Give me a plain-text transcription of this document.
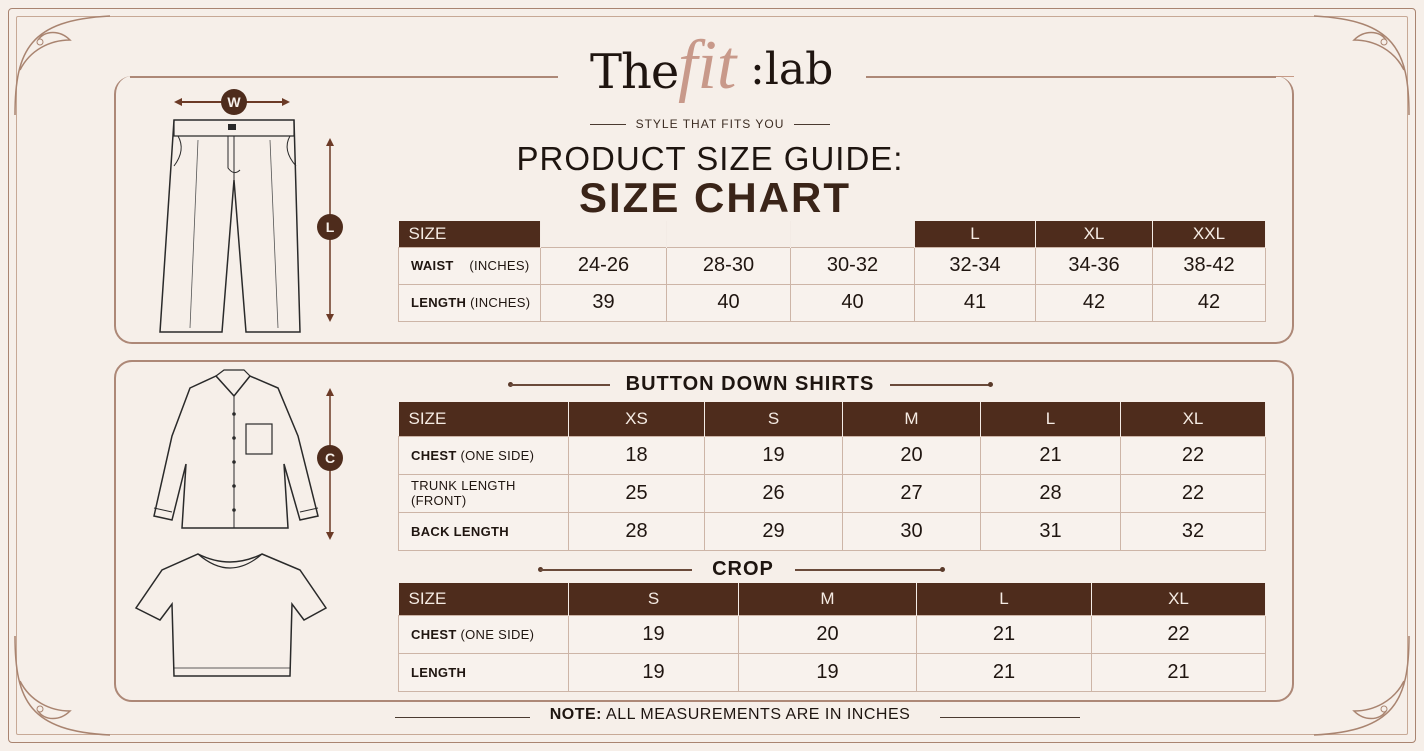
The fit :lab
STYLE THAT FITS YOU
PRODUCT SIZE GUIDE:
SIZE CHART
W
L	SIZE				L	XL	XXL
WAIST (INCHES)	24-26	28-30	30-32	32-34	34-36	38-42
LENGTH (INCHES)	39	40	40	41	42	42
C
BUTTON DOWN SHIRTS
SIZE	XS	S	M	L	XL
CHEST (ONE SIDE)	18	19	20	21	22
TRUNK LENGTH (FRONT)	25	26	27	28	22
BACK LENGTH	28	29	30	31	32
CROP
SIZE	S	M	L	XL
CHEST (ONE SIDE)	19	20	21	22
LENGTH	19	19	21	21
NOTE: ALL MEASUREMENTS ARE IN INCHES
